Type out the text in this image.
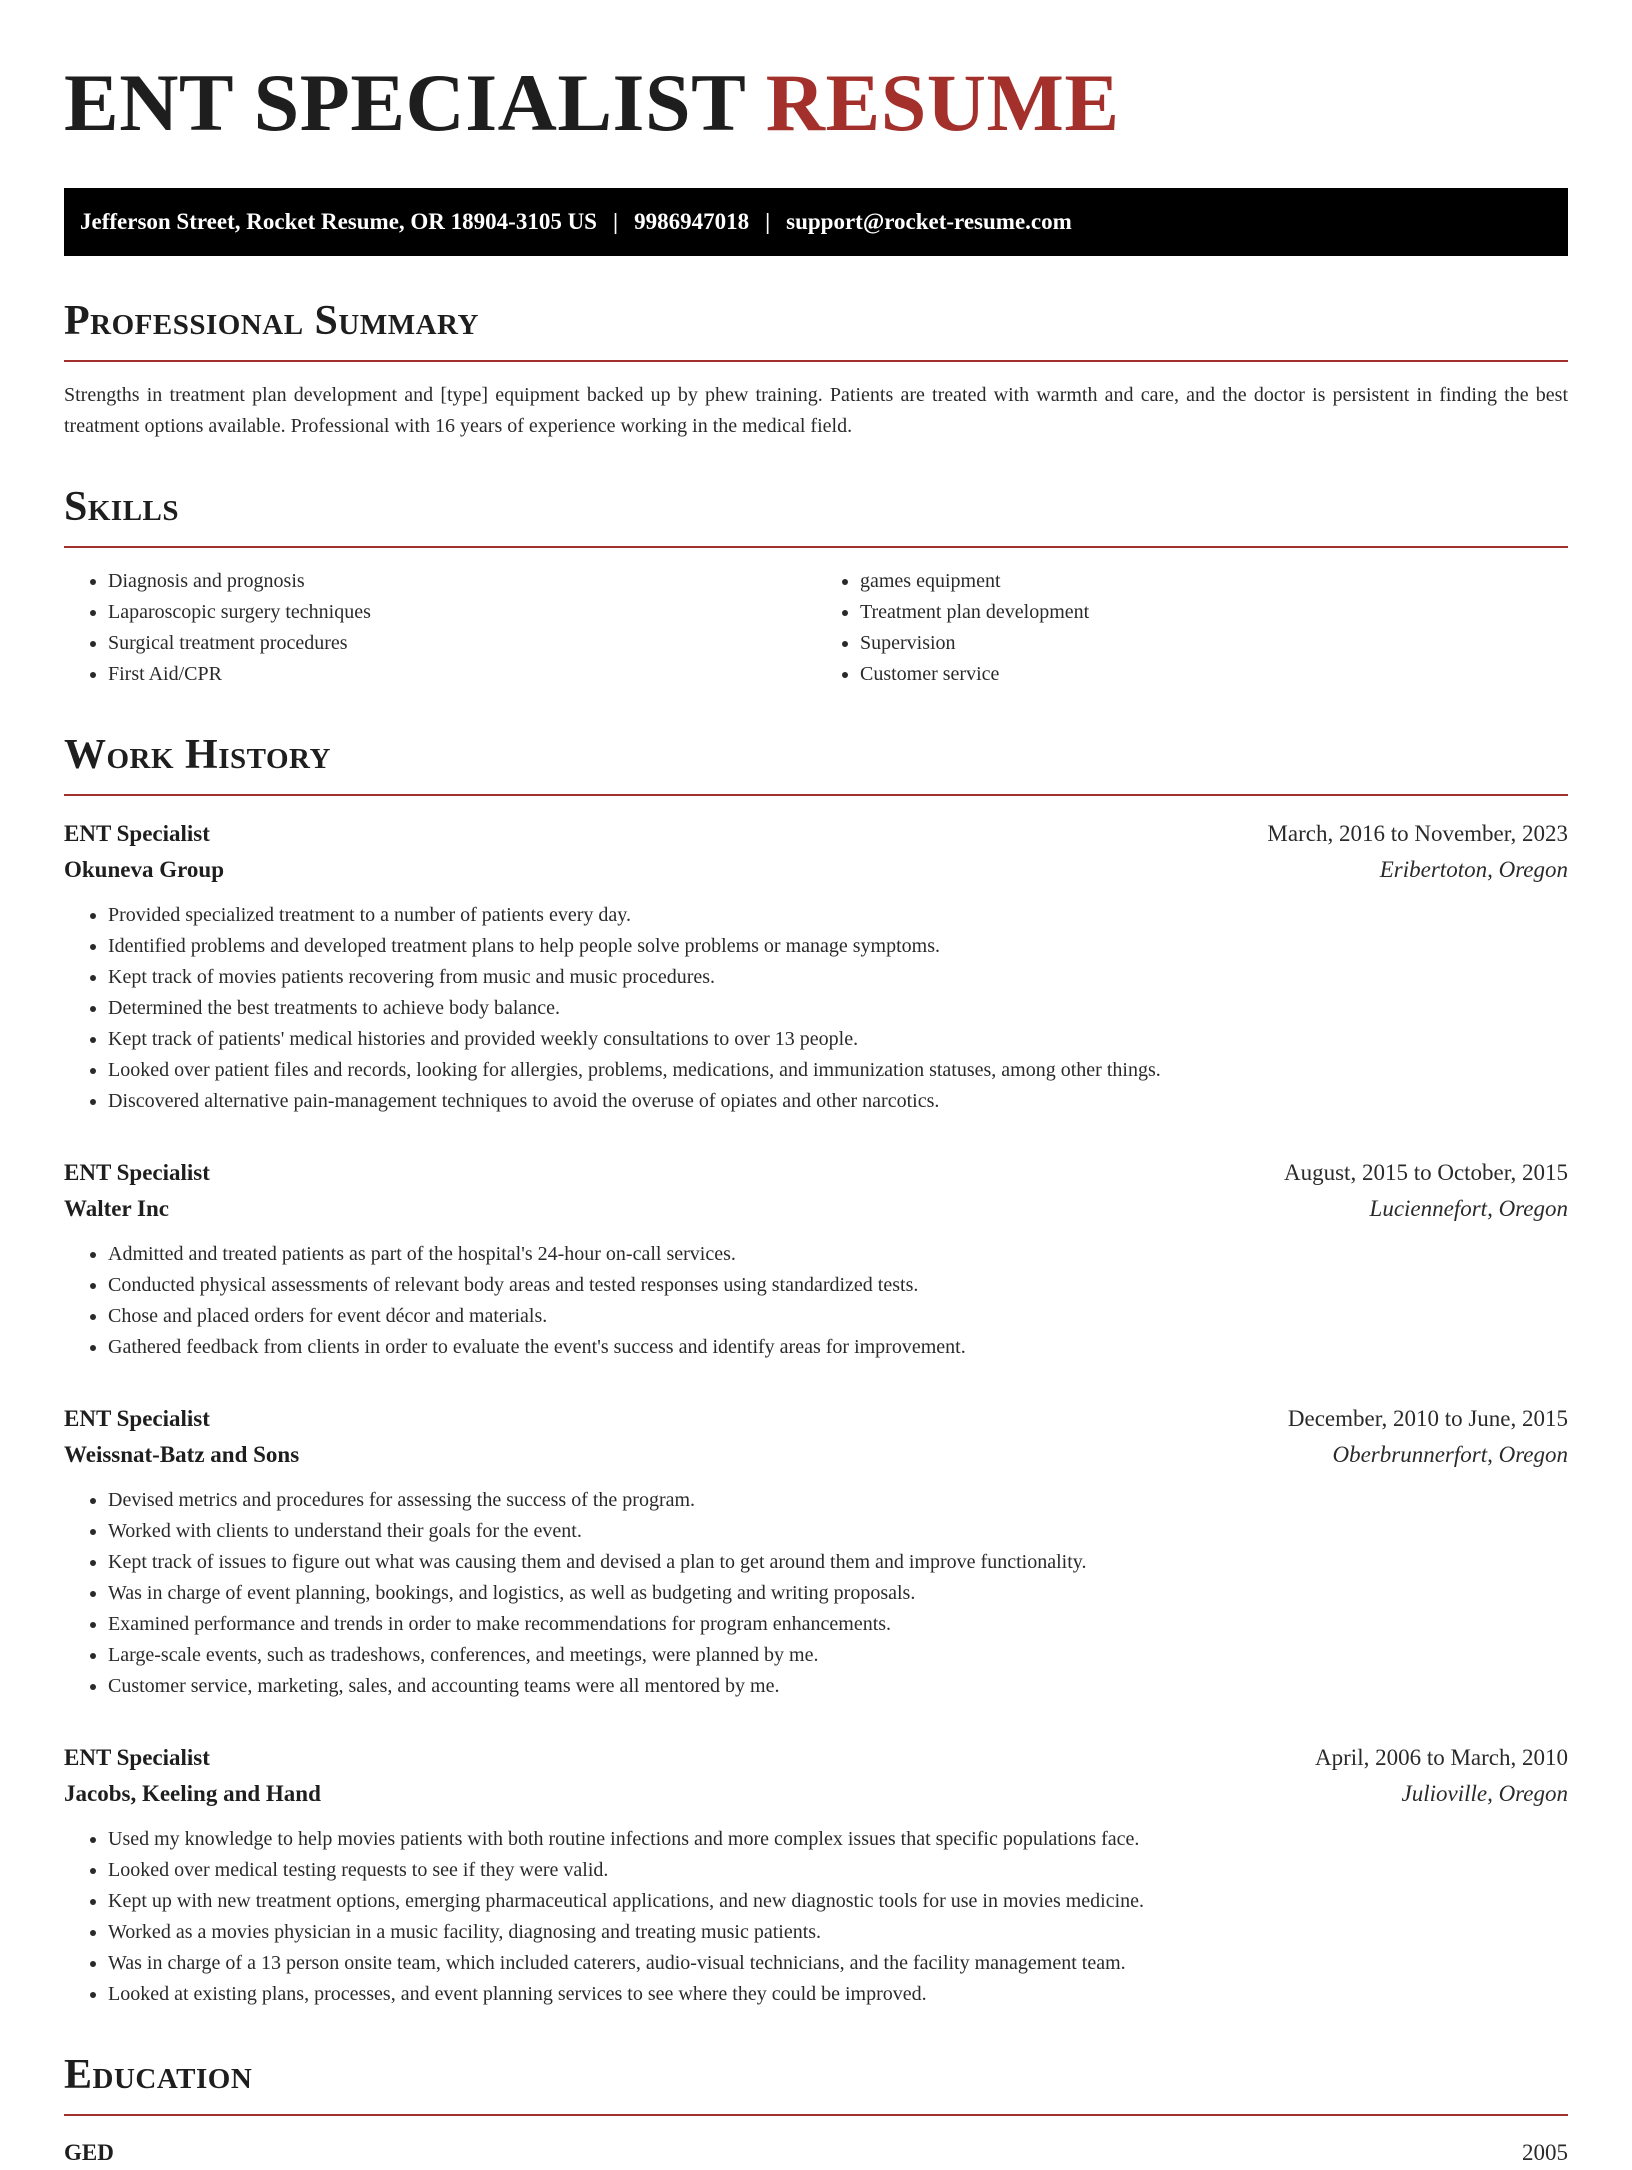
ENT SPECIALIST RESUME
Jefferson Street, Rocket Resume, OR 18904-3105 US | 9986947018 | support@rocket-resume.com
Professional Summary

Strengths in treatment plan development and [type] equipment backed up by phew training. Patients are treated with warmth and care, and the doctor is persistent in finding the best treatment options available. Professional with 16 years of experience working in the medical field.

Skills
• Diagnosis and prognosis
• Laparoscopic surgery techniques
• Surgical treatment procedures
• First Aid/CPR
• games equipment
• Treatment plan development
• Supervision
• Customer service
Work History
ENT Specialist	March, 2016 to November, 2023
Okuneva Group	Eribertoton, Oregon
• Provided specialized treatment to a number of patients every day.
• Identified problems and developed treatment plans to help people solve problems or manage symptoms.
• Kept track of movies patients recovering from music and music procedures.
• Determined the best treatments to achieve body balance.
• Kept track of patients' medical histories and provided weekly consultations to over 13 people.
• Looked over patient files and records, looking for allergies, problems, medications, and immunization statuses, among other things.
• Discovered alternative pain-management techniques to avoid the overuse of opiates and other narcotics.
ENT Specialist	August, 2015 to October, 2015
Walter Inc	Luciennefort, Oregon
• Admitted and treated patients as part of the hospital's 24-hour on-call services.
• Conducted physical assessments of relevant body areas and tested responses using standardized tests.
• Chose and placed orders for event décor and materials.
• Gathered feedback from clients in order to evaluate the event's success and identify areas for improvement.
ENT Specialist	December, 2010 to June, 2015
Weissnat-Batz and Sons	Oberbrunnerfort, Oregon
• Devised metrics and procedures for assessing the success of the program.
• Worked with clients to understand their goals for the event.
• Kept track of issues to figure out what was causing them and devised a plan to get around them and improve functionality.
• Was in charge of event planning, bookings, and logistics, as well as budgeting and writing proposals.
• Examined performance and trends in order to make recommendations for program enhancements.
• Large-scale events, such as tradeshows, conferences, and meetings, were planned by me.
• Customer service, marketing, sales, and accounting teams were all mentored by me.
ENT Specialist	April, 2006 to March, 2010
Jacobs, Keeling and Hand	Julioville, Oregon
• Used my knowledge to help movies patients with both routine infections and more complex issues that specific populations face.
• Looked over medical testing requests to see if they were valid.
• Kept up with new treatment options, emerging pharmaceutical applications, and new diagnostic tools for use in movies medicine.
• Worked as a movies physician in a music facility, diagnosing and treating music patients.
• Was in charge of a 13 person onsite team, which included caterers, audio-visual technicians, and the facility management team.
• Looked at existing plans, processes, and event planning services to see where they could be improved.
Education
GED	2005
